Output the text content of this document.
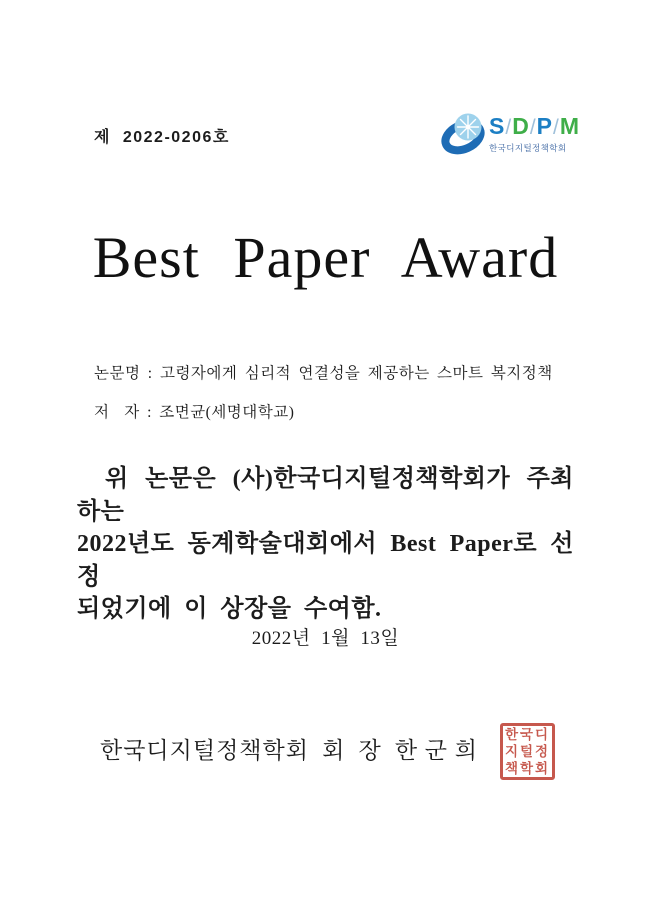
제  2022-0206호	S/D/P/M
한국디지털정책학회
Best Paper Award
논문명 : 고령자에게 심리적 연결성을 제공하는 스마트 복지정책
저  자 : 조면균(세명대학교)
위 논문은 (사)한국디지털정책학회가 주최하는
2022년도 동계학술대회에서 Best Paper로 선정
되었기에 이 상장을 수여함.
2022년  1월  13일
한국디지털정책학회 회 장 한 군 희
한국디
지털정
책학회
